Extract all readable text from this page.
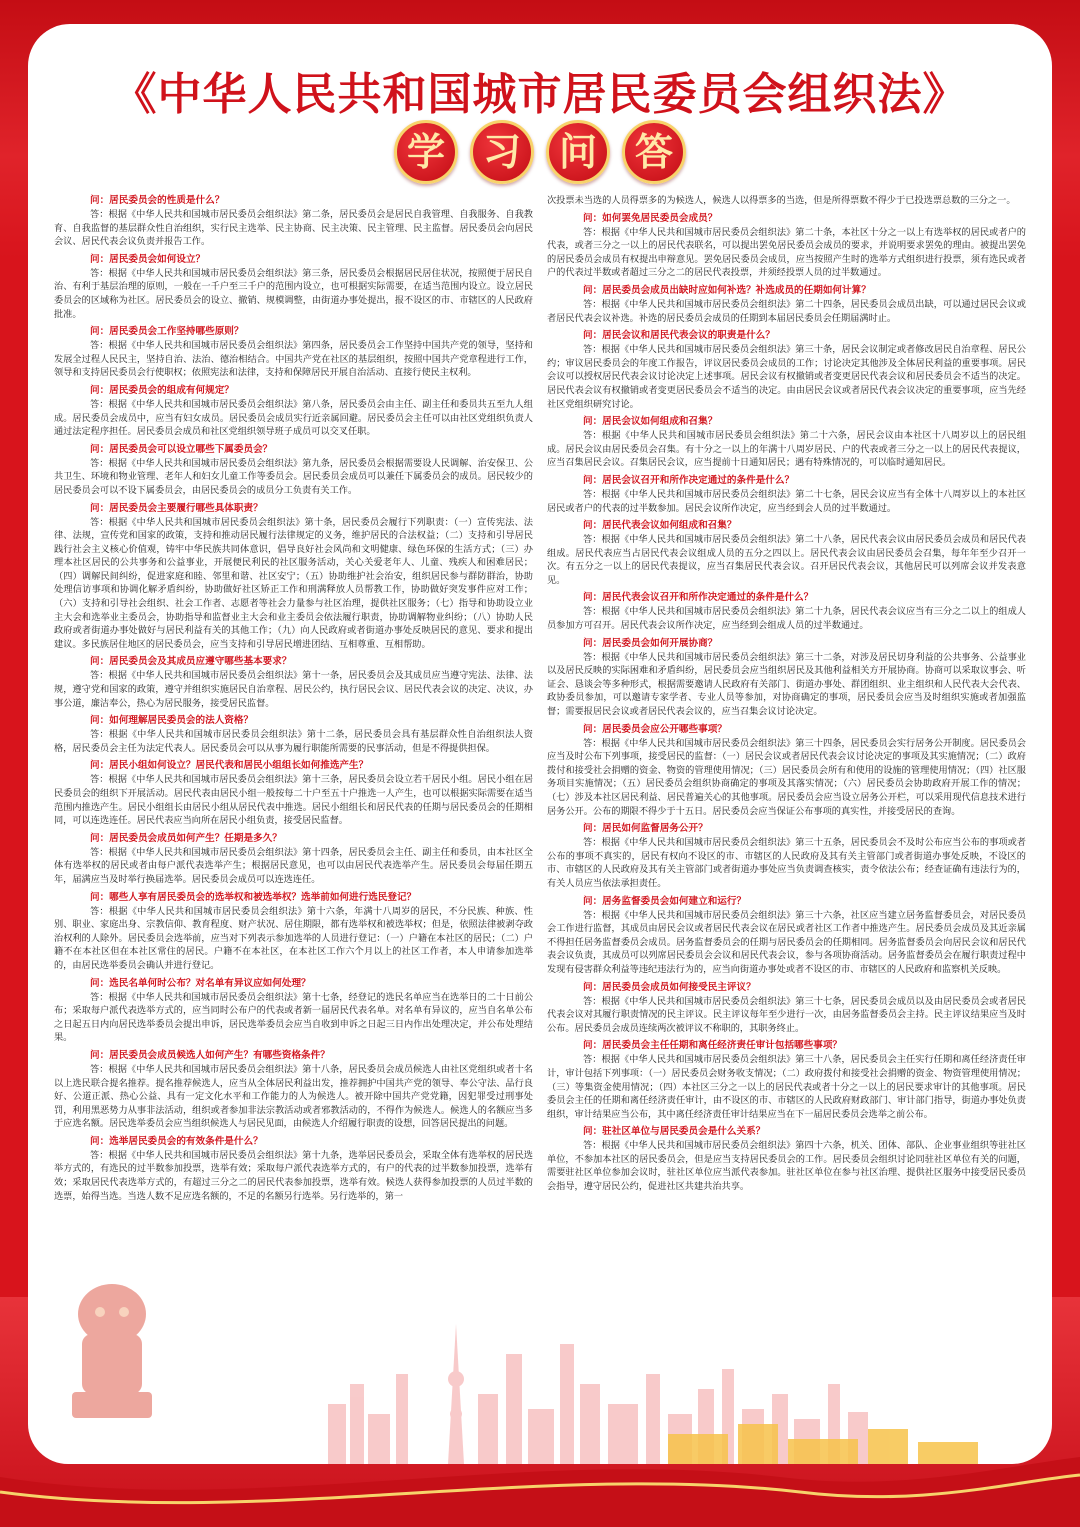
《中华人民共和国城市居民委员会组织法》
学 习 问 答
问：居民委员会的性质是什么？
答：根据《中华人民共和国城市居民委员会组织法》第二条，居民委员会是居民自我管理、自我服务、自我教育、自我监督的基层群众性自治组织，实行民主选举、民主协商、民主决策、民主管理、民主监督。居民委员会向居民会议、居民代表会议负责并报告工作。
问：居民委员会如何设立？
答：根据《中华人民共和国城市居民委员会组织法》第三条，居民委员会根据居民居住状况，按照便于居民自治、有利于基层治理的原则，一般在一千户至三千户的范围内设立，也可根据实际需要，在适当范围内设立。设立居民委员会的区域称为社区。居民委员会的设立、撤销、规模调整，由街道办事处提出，报不设区的市、市辖区的人民政府批准。
问：居民委员会工作坚持哪些原则？
答：根据《中华人民共和国城市居民委员会组织法》第四条，居民委员会工作坚持中国共产党的领导，坚持和发展全过程人民民主，坚持自治、法治、德治相结合。中国共产党在社区的基层组织，按照中国共产党章程进行工作，领导和支持居民委员会行使职权；依照宪法和法律，支持和保障居民开展自治活动、直接行使民主权利。
问：居民委员会的组成有何规定？
答：根据《中华人民共和国城市居民委员会组织法》第八条，居民委员会由主任、副主任和委员共五至九人组成。居民委员会成员中，应当有妇女成员。居民委员会成员实行近亲属回避。居民委员会主任可以由社区党组织负责人通过法定程序担任。居民委员会成员和社区党组织领导班子成员可以交叉任职。
问：居民委员会可以设立哪些下属委员会？
答：根据《中华人民共和国城市居民委员会组织法》第九条，居民委员会根据需要设人民调解、治安保卫、公共卫生、环境和物业管理、老年人和妇女儿童工作等委员会。居民委员会成员可以兼任下属委员会的成员。居民较少的居民委员会可以不设下属委员会，由居民委员会的成员分工负责有关工作。
问：居民委员会主要履行哪些具体职责？
答：根据《中华人民共和国城市居民委员会组织法》第十条，居民委员会履行下列职责：（一）宣传宪法、法律、法规，宣传党和国家的政策，支持和推动居民履行法律规定的义务，维护居民的合法权益；（二）支持和引导居民践行社会主义核心价值观，铸牢中华民族共同体意识，倡导良好社会风尚和文明健康、绿色环保的生活方式；（三）办理本社区居民的公共事务和公益事业，开展便民利民的社区服务活动，关心关爱老年人、儿童、残疾人和困难居民；（四）调解民间纠纷，促进家庭和睦、邻里和谐、社区安宁；（五）协助维护社会治安，组织居民参与群防群治，协助处理信访事项和协调化解矛盾纠纷，协助做好社区矫正工作和刑满释放人员帮教工作，协助做好突发事件应对工作；（六）支持和引导社会组织、社会工作者、志愿者等社会力量参与社区治理，提供社区服务；（七）指导和协助设立业主大会和选举业主委员会，协助指导和监督业主大会和业主委员会依法履行职责，协助调解物业纠纷；（八）协助人民政府或者街道办事处做好与居民利益有关的其他工作；（九）向人民政府或者街道办事处反映居民的意见、要求和提出建议。多民族居住地区的居民委员会，应当支持和引导居民增进团结、互相尊重、互相帮助。
问：居民委员会及其成员应遵守哪些基本要求？
答：根据《中华人民共和国城市居民委员会组织法》第十一条，居民委员会及其成员应当遵守宪法、法律、法规，遵守党和国家的政策，遵守并组织实施居民自治章程、居民公约，执行居民会议、居民代表会议的决定、决议，办事公道，廉洁奉公，热心为居民服务，接受居民监督。
问：如何理解居民委员会的法人资格？
答：根据《中华人民共和国城市居民委员会组织法》第十二条，居民委员会具有基层群众性自治组织法人资格，居民委员会主任为法定代表人。居民委员会可以从事为履行职能所需要的民事活动，但是不得提供担保。
问：居民小组如何设立？居民代表和居民小组组长如何推选产生？
答：根据《中华人民共和国城市居民委员会组织法》第十三条，居民委员会设立若干居民小组。居民小组在居民委员会的组织下开展活动。居民代表由居民小组一般按每二十户至五十户推选一人产生，也可以根据实际需要在适当范围内推选产生。居民小组组长由居民小组从居民代表中推选。居民小组组长和居民代表的任期与居民委员会的任期相同，可以连选连任。居民代表应当向所在居民小组负责，接受居民监督。
问：居民委员会成员如何产生？任期是多久？
答：根据《中华人民共和国城市居民委员会组织法》第十四条，居民委员会主任、副主任和委员，由本社区全体有选举权的居民或者由每户派代表选举产生；根据居民意见，也可以由居民代表选举产生。居民委员会每届任期五年，届满应当及时举行换届选举。居民委员会成员可以连选连任。
问：哪些人享有居民委员会的选举权和被选举权？选举前如何进行选民登记？
答：根据《中华人民共和国城市居民委员会组织法》第十六条，年满十八周岁的居民，不分民族、种族、性别、职业、家庭出身、宗教信仰、教育程度、财产状况、居住期限，都有选举权和被选举权；但是，依照法律被剥夺政治权利的人除外。居民委员会选举前，应当对下列表示参加选举的人员进行登记：（一）户籍在本社区的居民；（二）户籍不在本社区但在本社区常住的居民。户籍不在本社区，在本社区工作六个月以上的社区工作者，本人申请参加选举的，由居民选举委员会确认并进行登记。
问：选民名单何时公布？对名单有异议应如何处理？
答：根据《中华人民共和国城市居民委员会组织法》第十七条，经登记的选民名单应当在选举日的二十日前公布；采取每户派代表选举方式的，应当同时公布户的代表或者新一届居民代表名单。对名单有异议的，应当自名单公布之日起五日内向居民选举委员会提出申诉，居民选举委员会应当自收到申诉之日起三日内作出处理决定，并公布处理结果。
问：居民委员会成员候选人如何产生？有哪些资格条件？
答：根据《中华人民共和国城市居民委员会组织法》第十八条，居民委员会成员候选人由社区党组织或者十名以上选民联合提名推荐。提名推荐候选人，应当从全体居民利益出发，推荐拥护中国共产党的领导、奉公守法、品行良好、公道正派、热心公益、具有一定文化水平和工作能力的人为候选人。被开除中国共产党党籍，因犯罪受过刑事处罚，利用黑恶势力从事非法活动，组织或者参加非法宗教活动或者邪教活动的，不得作为候选人。候选人的名额应当多于应选名额。居民选举委员会应当组织候选人与居民见面，由候选人介绍履行职责的设想，回答居民提出的问题。
问：选举居民委员会的有效条件是什么？
答：根据《中华人民共和国城市居民委员会组织法》第十九条，选举居民委员会，采取全体有选举权的居民选举方式的，有选民的过半数参加投票，选举有效；采取每户派代表选举方式的，有户的代表的过半数参加投票，选举有效；采取居民代表选举方式的，有超过三分之二的居民代表参加投票，选举有效。候选人获得参加投票的人员过半数的选票，始得当选。当选人数不足应选名额的，不足的名额另行选举。另行选举的，第一
次投票未当选的人员得票多的为候选人，候选人以得票多的当选，但是所得票数不得少于已投选票总数的三分之一。
问：如何罢免居民委员会成员？
答：根据《中华人民共和国城市居民委员会组织法》第二十条，本社区十分之一以上有选举权的居民或者户的代表，或者三分之一以上的居民代表联名，可以提出罢免居民委员会成员的要求，并说明要求罢免的理由。被提出罢免的居民委员会成员有权提出申辩意见。罢免居民委员会成员，应当按照产生时的选举方式组织进行投票，须有选民或者户的代表过半数或者超过三分之二的居民代表投票，并须经投票人员的过半数通过。
问：居民委员会成员出缺时应如何补选？补选成员的任期如何计算？
答：根据《中华人民共和国城市居民委员会组织法》第二十四条，居民委员会成员出缺，可以通过居民会议或者居民代表会议补选。补选的居民委员会成员的任期到本届居民委员会任期届满时止。
问：居民会议和居民代表会议的职责是什么？
答：根据《中华人民共和国城市居民委员会组织法》第三十条，居民会议制定或者修改居民自治章程、居民公约；审议居民委员会的年度工作报告，评议居民委员会成员的工作；讨论决定其他涉及全体居民利益的重要事项。居民会议可以授权居民代表会议讨论决定上述事项。居民会议有权撤销或者变更居民代表会议和居民委员会不适当的决定。居民代表会议有权撤销或者变更居民委员会不适当的决定。由由居民会议或者居民代表会议决定的重要事项，应当先经社区党组织研究讨论。
问：居民会议如何组成和召集？
答：根据《中华人民共和国城市居民委员会组织法》第二十六条，居民会议由本社区十八周岁以上的居民组成。居民会议由居民委员会召集。有十分之一以上的年满十八周岁居民、户的代表或者三分之一以上的居民代表提议，应当召集居民会议。召集居民会议，应当提前十日通知居民；遇有特殊情况的，可以临时通知居民。
问：居民会议召开和所作决定通过的条件是什么？
答：根据《中华人民共和国城市居民委员会组织法》第二十七条，居民会议应当有全体十八周岁以上的本社区居民或者户的代表的过半数参加。居民会议所作决定，应当经到会人员的过半数通过。
问：居民代表会议如何组成和召集？
答：根据《中华人民共和国城市居民委员会组织法》第二十八条，居民代表会议由居民委员会成员和居民代表组成。居民代表应当占居民代表会议组成人员的五分之四以上。居民代表会议由居民委员会召集，每年年至少召开一次。有五分之一以上的居民代表提议，应当召集居民代表会议。召开居民代表会议，其他居民可以列席会议并发表意见。
问：居民代表会议召开和所作决定通过的条件是什么？
答：根据《中华人民共和国城市居民委员会组织法》第二十九条，居民代表会议应当有三分之二以上的组成人员参加方可召开。居民代表会议所作决定，应当经到会组成人员的过半数通过。
问：居民委员会如何开展协商？
答：根据《中华人民共和国城市居民委员会组织法》第三十二条，对涉及居民切身利益的公共事务、公益事业以及居民反映的实际困难和矛盾纠纷，居民委员会应当组织居民及其他利益相关方开展协商。协商可以采取议事会、听证会、恳谈会等多种形式，根据需要邀请人民政府有关部门、街道办事处、群团组织、业主组织和人民代表大会代表、政协委员参加，可以邀请专家学者、专业人员等参加，对协商确定的事项，居民委员会应当及时组织实施或者加强监督；需要报居民会议或者居民代表会议的，应当召集会议讨论决定。
问：居民委员会应公开哪些事项？
答：根据《中华人民共和国城市居民委员会组织法》第三十四条，居民委员会实行居务公开制度。居民委员会应当及时公布下列事项，接受居民的监督：（一）居民会议或者居民代表会议讨论决定的事项及其实施情况；（二）政府拨付和接受社会捐赠的资金、物资的管理使用情况；（三）居民委员会所有和使用的设施的管理使用情况；（四）社区服务项目实施情况；（五）居民委员会组织协商确定的事项及其落实情况；（六）居民委员会协助政府开展工作的情况；（七）涉及本社区居民利益、居民普遍关心的其他事项。居民委员会应当设立居务公开栏，可以采用现代信息技术进行居务公开。公布的期限不得少于十五日。居民委员会应当保证公布事项的真实性，并接受居民的查询。
问：居民如何监督居务公开？
答：根据《中华人民共和国城市居民委员会组织法》第三十五条，居民委员会不及时公布应当公布的事项或者公布的事项不真实的，居民有权向不设区的市、市辖区的人民政府及其有关主管部门或者街道办事处反映，不设区的市、市辖区的人民政府及其有关主管部门或者街道办事处应当负责调查核实，责令依法公布；经查证确有违法行为的，有关人员应当依法承担责任。
问：居务监督委员会如何建立和运行？
答：根据《中华人民共和国城市居民委员会组织法》第三十六条，社区应当建立居务监督委员会，对居民委员会工作进行监督，其成员由居民会议或者居民代表会议在居民或者社区工作者中推选产生。居民委员会成员及其近亲属不得担任居务监督委员会成员。居务监督委员会的任期与居民委员会的任期相同。居务监督委员会向居民会议和居民代表会议负责，其成员可以列席居民委员会会议和居民代表会议，参与各项协商活动。居务监督委员会在履行职责过程中发现有侵害群众利益等违纪违法行为的，应当向街道办事处或者不设区的市、市辖区的人民政府和监察机关反映。
问：居民委员会成员如何接受民主评议？
答：根据《中华人民共和国城市居民委员会组织法》第三十七条，居民委员会成员以及由居民委员会或者居民代表会议对其履行职责情况的民主评议。民主评议每年至少进行一次，由居务监督委员会主持。民主评议结果应当及时公布。居民委员会成员连续两次被评议不称职的，其职务终止。
问：居民委员会主任任期和离任经济责任审计包括哪些事项？
答：根据《中华人民共和国城市居民委员会组织法》第三十八条，居民委员会主任实行任期和离任经济责任审计，审计包括下列事项：（一）居民委员会财务收支情况；（二）政府拨付和接受社会捐赠的资金、物资管理使用情况；（三）等集资金使用情况；（四）本社区三分之一以上的居民代表或者十分之一以上的居民要求审计的其他事项。居民委员会主任的任期和离任经济责任审计，由不设区的市、市辖区的人民政府财政部门、审计部门指导，街道办事处负责组织，审计结果应当公布，其中离任经济责任审计结果应当在下一届居民委员会选举之前公布。
问：驻社区单位与居民委员会是什么关系？
答：根据《中华人民共和国城市居民委员会组织法》第四十六条，机关、团体、部队、企业事业组织等驻社区单位，不参加本社区的居民委员会，但是应当支持居民委员会的工作。居民委员会组织讨论同驻社区单位有关的问题，需要驻社区单位参加会议时，驻社区单位应当派代表参加。驻社区单位在参与社区治理、提供社区服务中接受居民委员会指导，遵守居民公约，促进社区共建共治共享。
